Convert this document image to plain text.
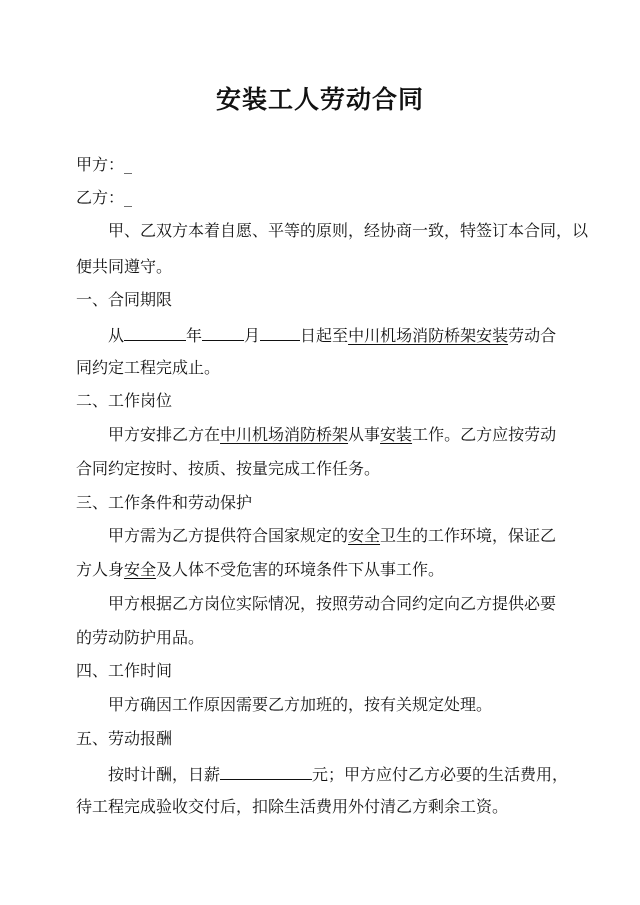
安装工人劳动合同
甲方：_
乙方：_
甲、乙双方本着自愿、平等的原则，经协商一致，特签订本合同，以
便共同遵守。
一、合同期限
从	年	月	日起至中川机场消防桥架安装劳动合
同约定工程完成止。
二、工作岗位
甲方安排乙方在中川机场消防桥架从事安装工作。乙方应按劳动
合同约定按时、按质、按量完成工作任务。
三、工作条件和劳动保护
甲方需为乙方提供符合国家规定的安全卫生的工作环境，保证乙
方人身安全及人体不受危害的环境条件下从事工作。
甲方根据乙方岗位实际情况，按照劳动合同约定向乙方提供必要
的劳动防护用品。
四、工作时间
甲方确因工作原因需要乙方加班的，按有关规定处理。
五、劳动报酬
按时计酬，日薪	元；甲方应付乙方必要的生活费用，
待工程完成验收交付后，扣除生活费用外付清乙方剩余工资。
